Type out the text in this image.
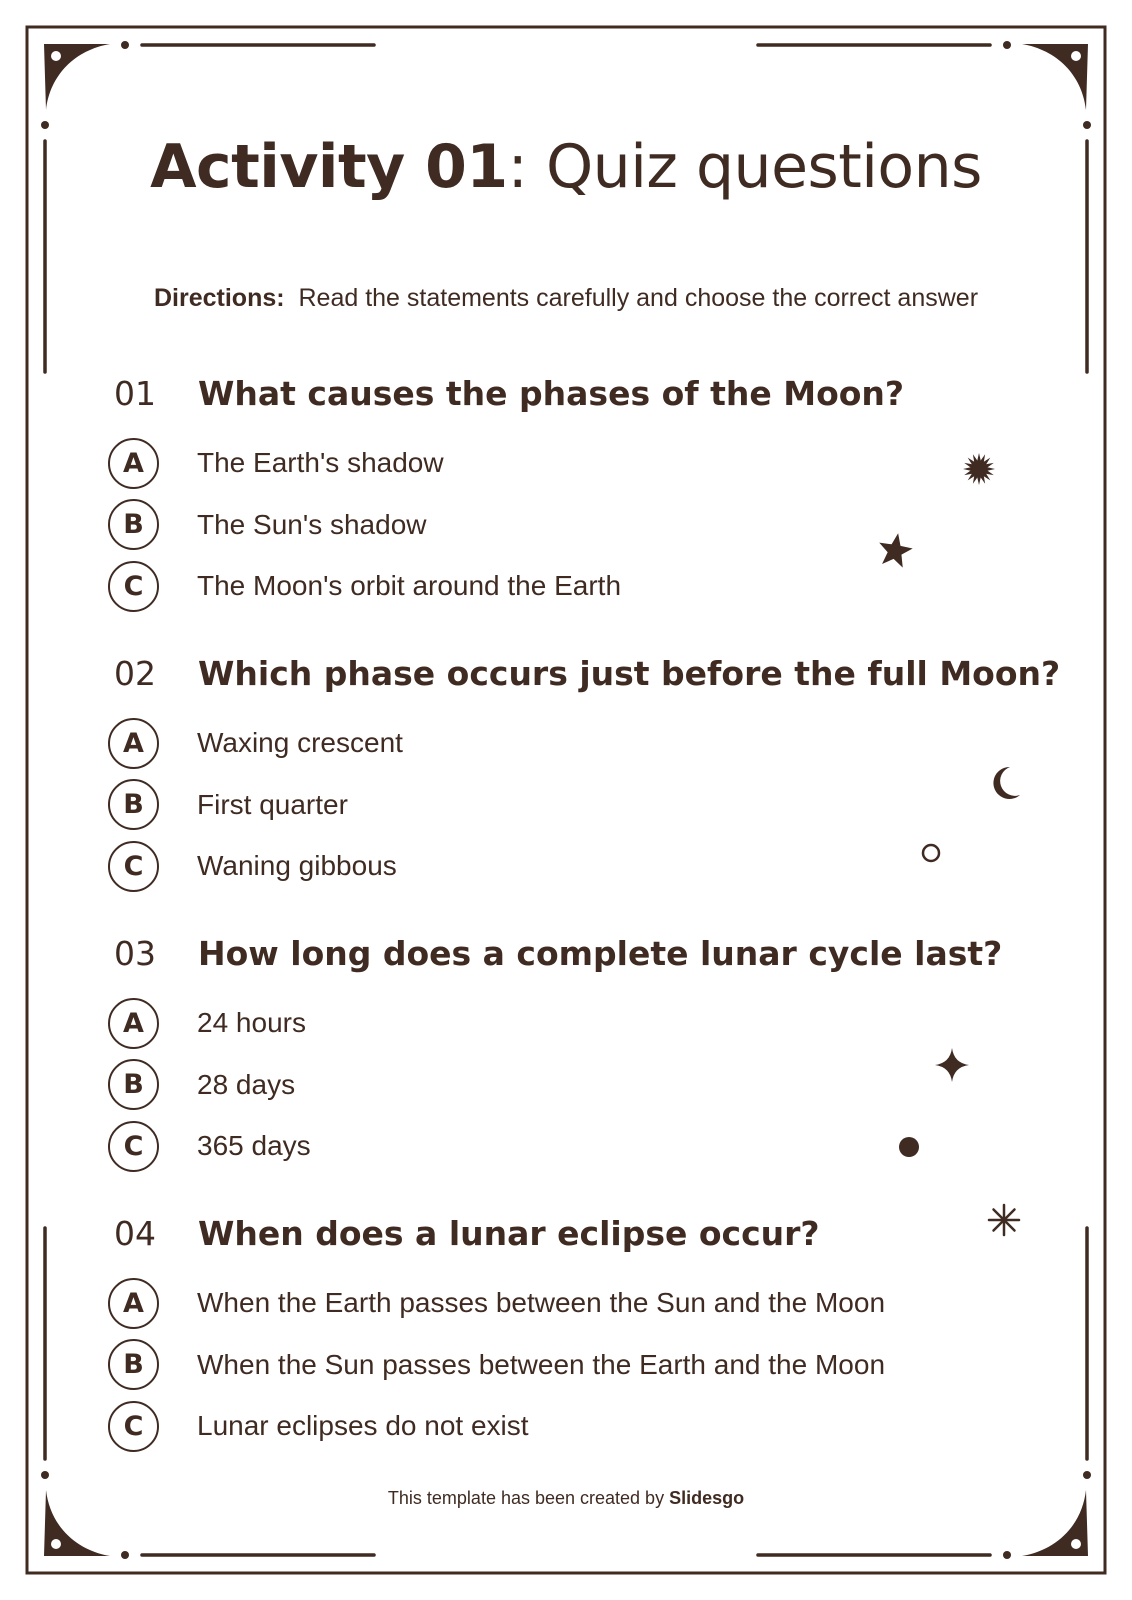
Activity 01: Quiz questions
Directions: Read the statements carefully and choose the correct answer
01 What causes the phases of the Moon?
A	The Earth's shadow
B	The Sun's shadow
C	The Moon's orbit around the Earth
02 Which phase occurs just before the full Moon?
A	Waxing crescent
B	First quarter
C	Waning gibbous
03 How long does a complete lunar cycle last?
A	24 hours
B	28 days
C	365 days
04 When does a lunar eclipse occur?
A	When the Earth passes between the Sun and the Moon
B	When the Sun passes between the Earth and the Moon
C	Lunar eclipses do not exist
This template has been created by Slidesgo
